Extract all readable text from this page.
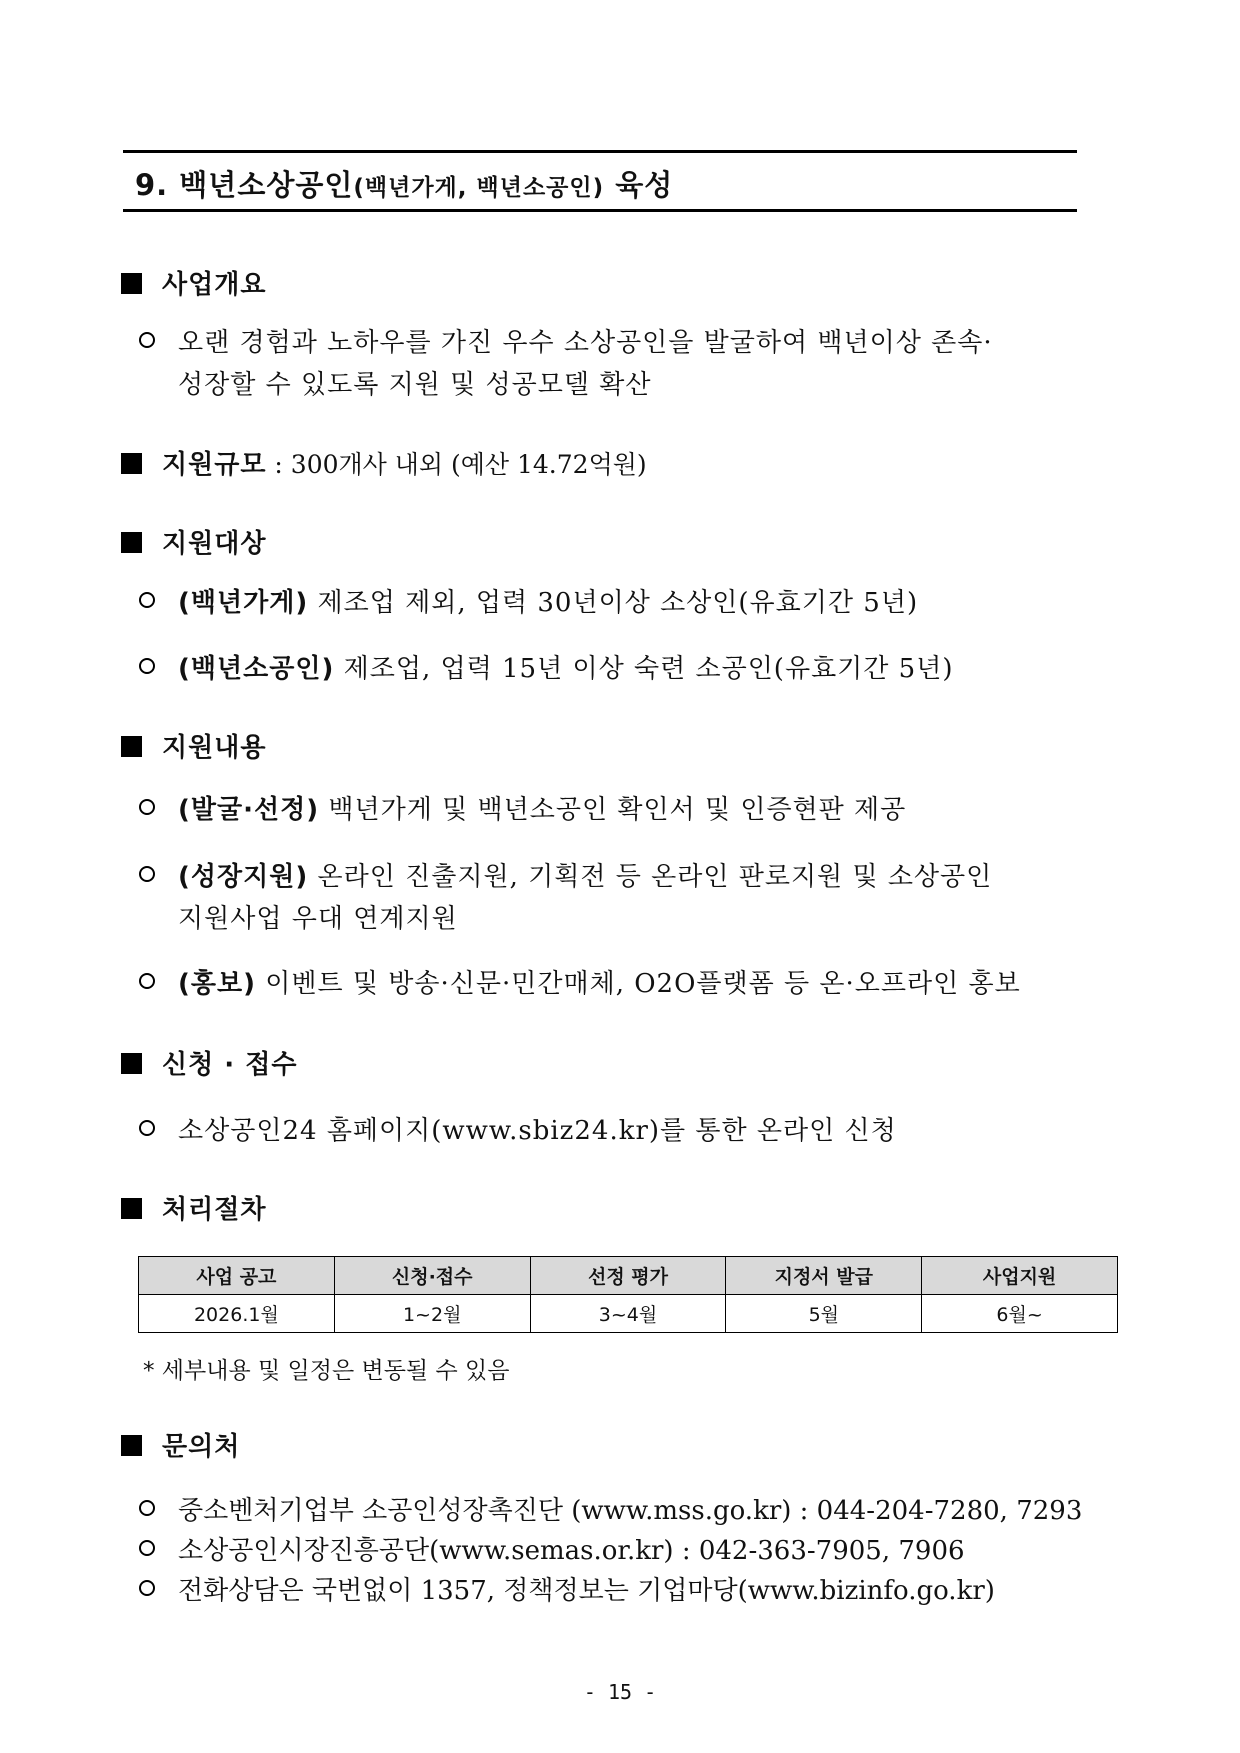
9. 백년소상공인(백년가게, 백년소공인) 육성
사업개요
오랜 경험과 노하우를 가진 우수 소상공인을 발굴하여 백년이상 존속·
성장할 수 있도록 지원 및 성공모델 확산
지원규모 : 300개사 내외 (예산 14.72억원)
지원대상
(백년가게) 제조업 제외, 업력 30년이상 소상인(유효기간 5년)
(백년소공인) 제조업, 업력 15년 이상 숙련 소공인(유효기간 5년)
지원내용
(발굴·선정) 백년가게 및 백년소공인 확인서 및 인증현판 제공
(성장지원) 온라인 진출지원, 기획전 등 온라인 판로지원 및 소상공인
지원사업 우대 연계지원
(홍보) 이벤트 및 방송·신문·민간매체, O2O플랫폼 등 온·오프라인 홍보
신청 · 접수
소상공인24 홈페이지(www.sbiz24.kr)를 통한 온라인 신청
처리절차
사업 공고	신청·접수	선정 평가	지정서 발급	사업지원
2026.1월	1~2월	3~4월	5월	6월~
* 세부내용 및 일정은 변동될 수 있음
문의처
중소벤처기업부 소공인성장촉진단 (www.mss.go.kr) : 044-204-7280, 7293
소상공인시장진흥공단(www.semas.or.kr) : 042-363-7905, 7906
전화상담은 국번없이 1357, 정책정보는 기업마당(www.bizinfo.go.kr)
- 15 -
